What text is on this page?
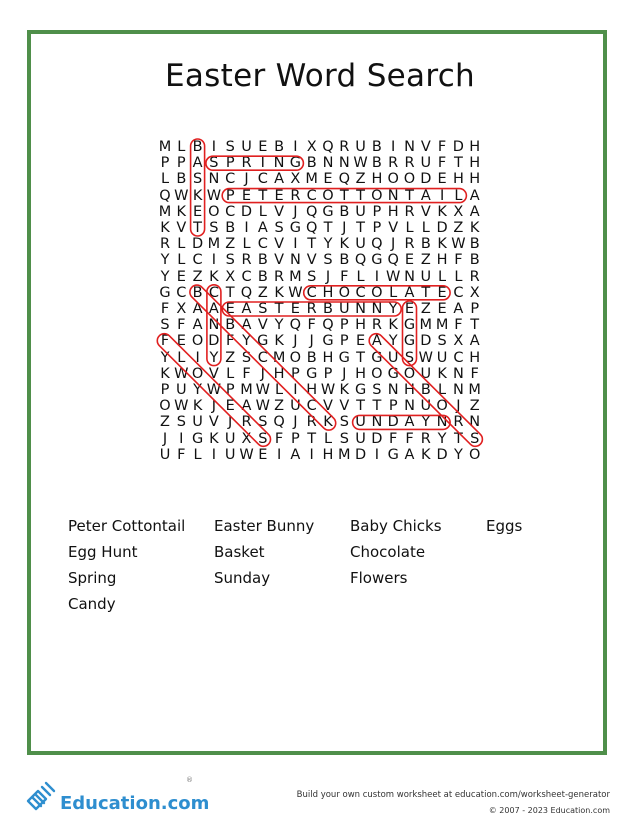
Easter Word Search
M L B I S U E B I X Q R U B I N V F D H
P P A S P R I N G B N N W B R R U F T H
L B S N C J C A X M E Q Z H O O D E H H
Q W K W P E T E R C O T T O N T A I L A
M K E O C D L V J Q G B U P H R V K X A
K V T S B I A S G Q T J T P V L L D Z K
R L D M Z L C V I T Y K U Q J R B K W B
Y L C I S R B V N V S B Q G Q E Z H F B
Y E Z K X C B R M S J F L I W N U L L R
G C B C T Q Z K W C H O C O L A T E C X
F X A A E A S T E R B U N N Y E Z E A P
S F A N B A V Y Q F Q P H R K G M M F T
F E O D F Y G K J J G P E A Y G D S X A
Y L I Y Z S C M O B H G T G U S W U C H
K W O V L F J H P G P J H O G O U K N F
P U Y W P M W L I H W K G S N H B L N M
O W K J E A W Z U C V V T T P N U O J Z
Z S U V J R S Q J R K S U N D A Y N R N
J I G K U X S F P T L S U D F F R Y T S
U F L I U W E I A I H M D I G A K D Y O
Peter Cottontail Easter Bunny Baby Chicks	Eggs
Egg Hunt	Basket	Chocolate
Spring	Sunday	Flowers
Candy
Education.com
®
Build your own custom worksheet at education.com/worksheet-generator
© 2007 - 2023 Education.com
